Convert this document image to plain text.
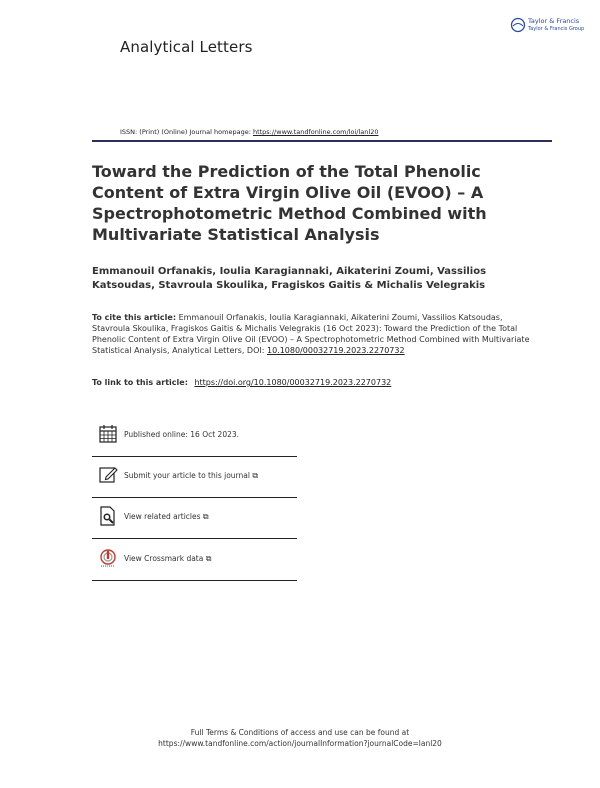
Analytical Letters
Taylor & Francis
Taylor & Francis Group
ISSN: (Print) (Online) Journal homepage: https://www.tandfonline.com/loi/lanl20
Toward the Prediction of the Total Phenolic Content of Extra Virgin Olive Oil (EVOO) – A Spectrophotometric Method Combined with Multivariate Statistical Analysis
Emmanouil Orfanakis, Ioulia Karagiannaki, Aikaterini Zoumi, Vassilios Katsoudas, Stavroula Skoulika, Fragiskos Gaitis & Michalis Velegrakis
To cite this article: Emmanouil Orfanakis, Ioulia Karagiannaki, Aikaterini Zoumi, Vassilios Katsoudas, Stavroula Skoulika, Fragiskos Gaitis & Michalis Velegrakis (16 Oct 2023): Toward the Prediction of the Total Phenolic Content of Extra Virgin Olive Oil (EVOO) – A Spectrophotometric Method Combined with Multivariate Statistical Analysis, Analytical Letters, DOI: 10.1080/00032719.2023.2270732
To link to this article: https://doi.org/10.1080/00032719.2023.2270732
Published online: 16 Oct 2023.
Submit your article to this journal ⧉
View related articles ⧉
View Crossmark data ⧉
Full Terms & Conditions of access and use can be found at
https://www.tandfonline.com/action/journalInformation?journalCode=lanl20
